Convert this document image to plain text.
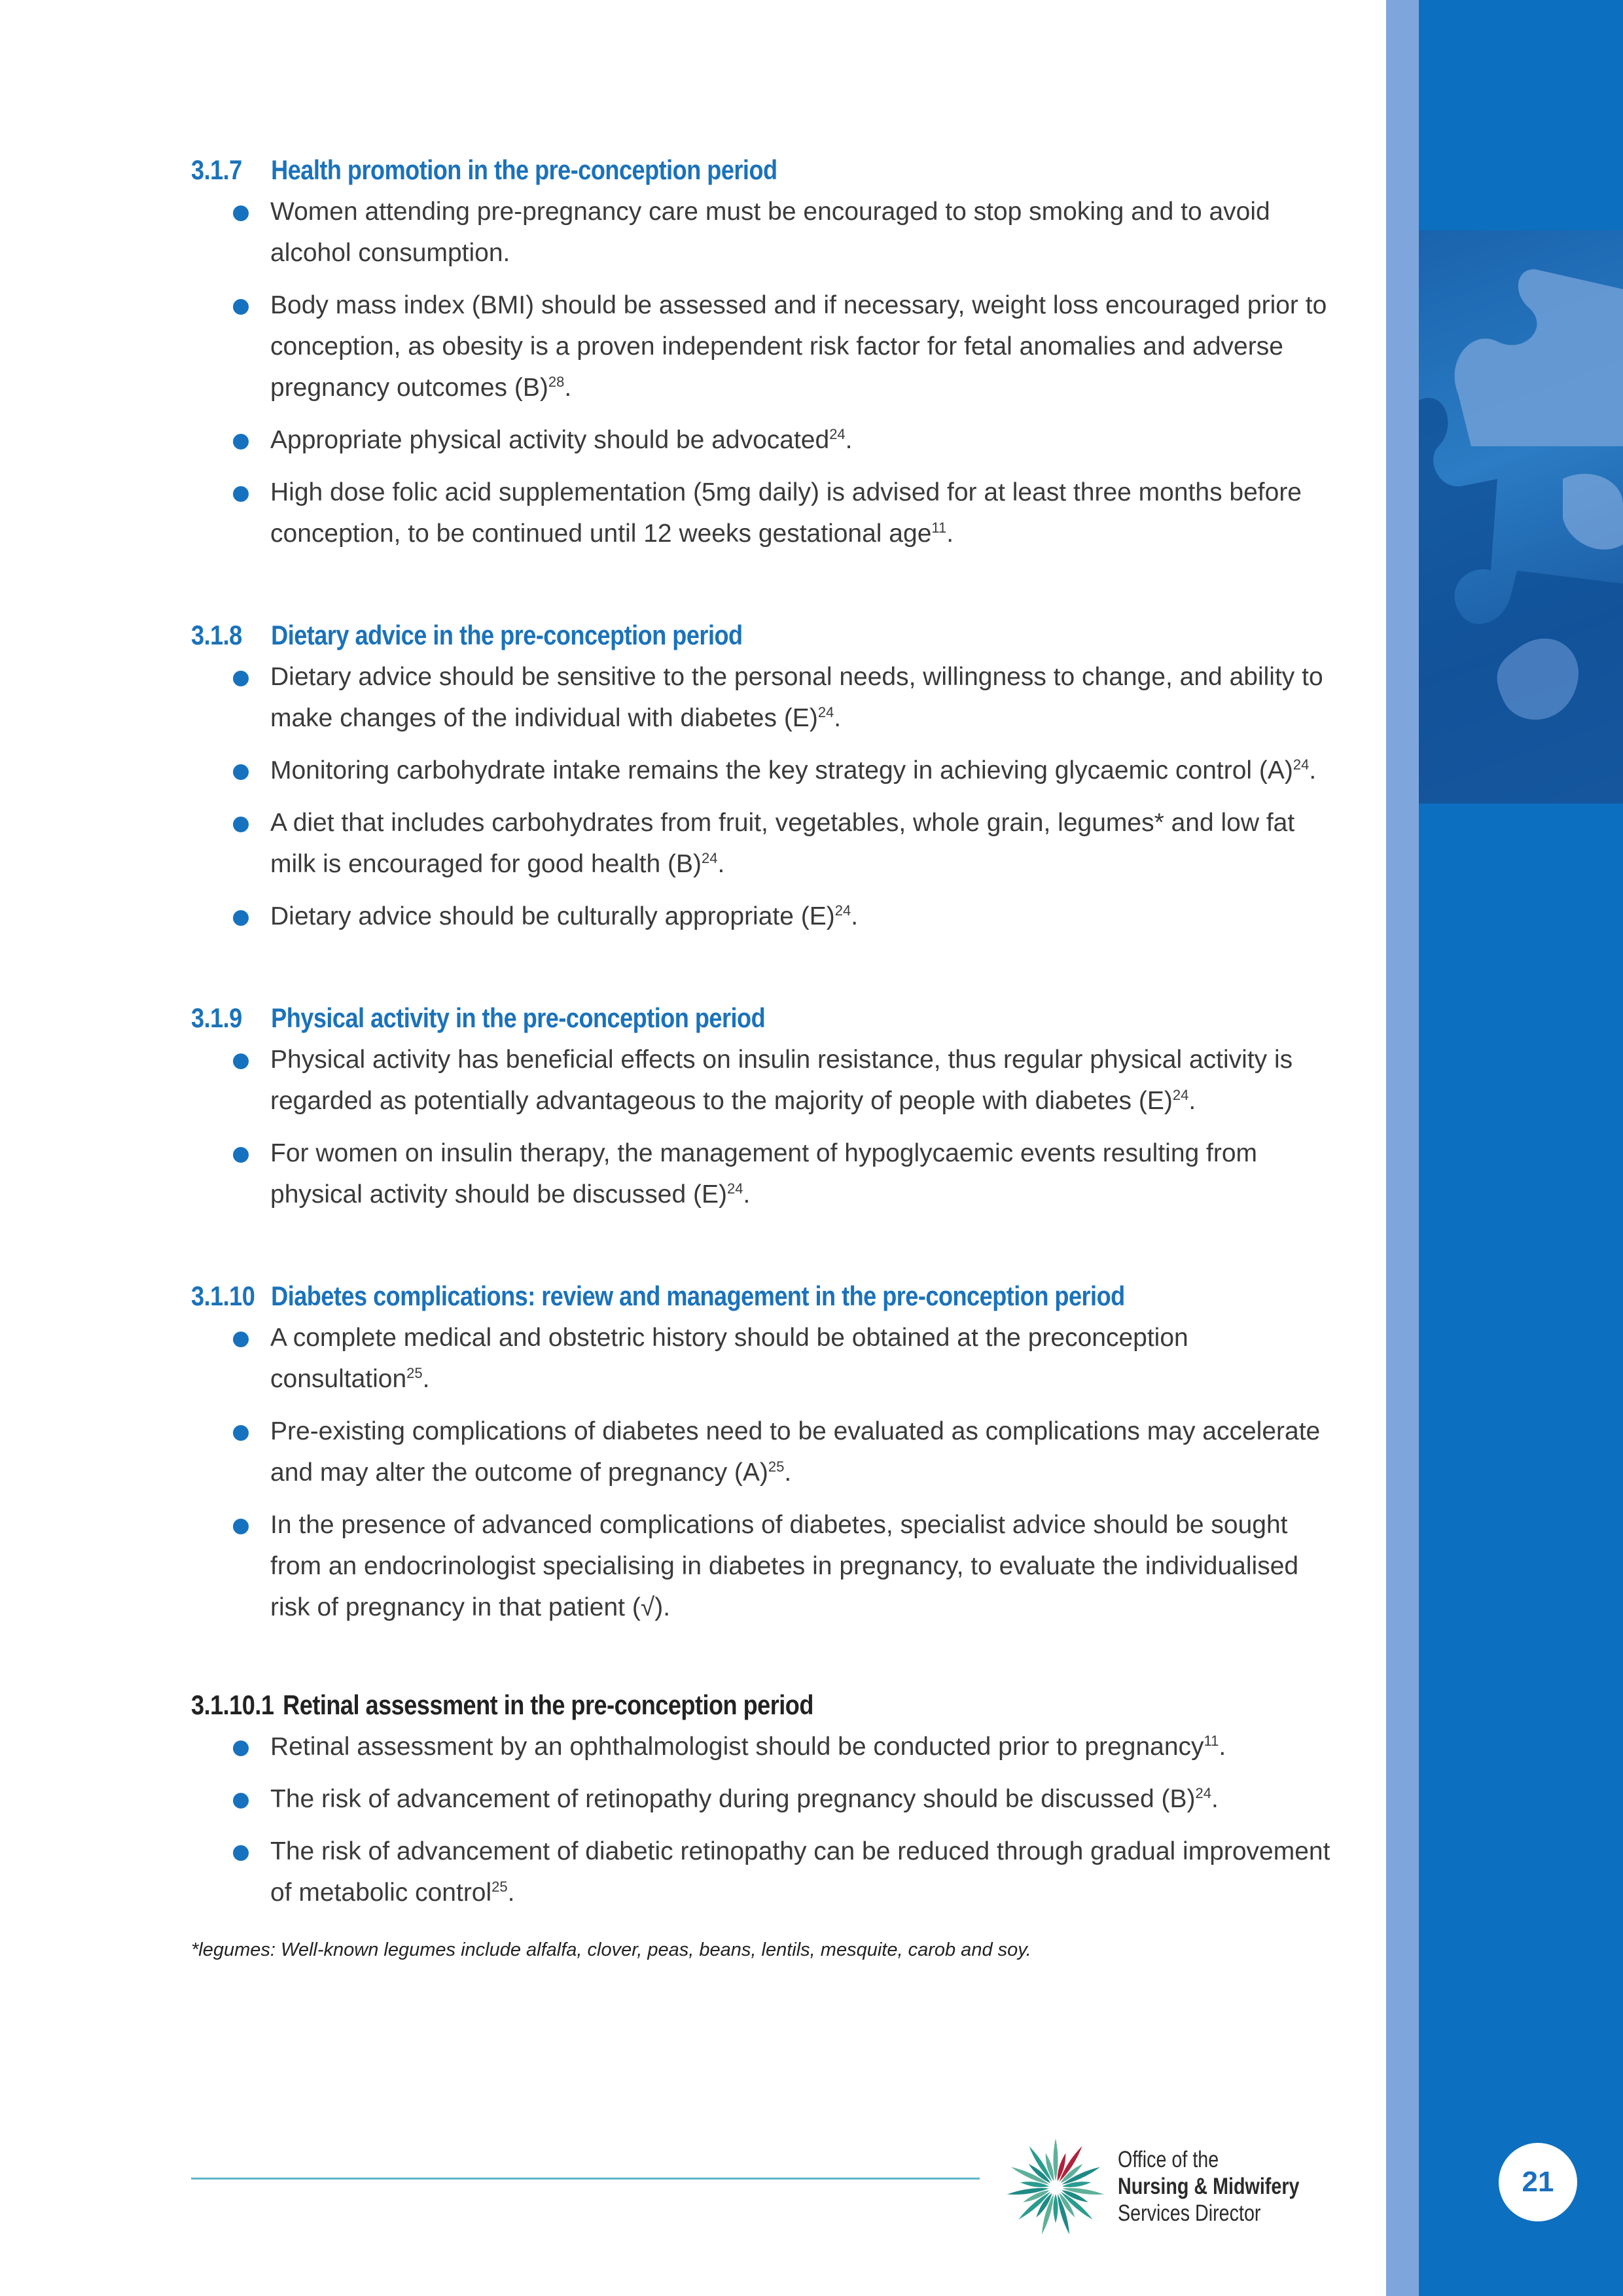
3.1.7	Health promotion in the pre-conception period
Women attending pre-pregnancy care must be encouraged to stop smoking and to avoid alcohol consumption.
Body mass index (BMI) should be assessed and if necessary, weight loss encouraged prior to conception, as obesity is a proven independent risk factor for fetal anomalies and adverse pregnancy outcomes $(B)^{28}$.
Appropriate physical activity should be advocated$^{24}$.
High dose folic acid supplementation (5mg daily) is advised for at least three months before conception, to be continued until 12 weeks gestational age$^{11}$.
3.1.8	Dietary advice in the pre-conception period
Dietary advice should be sensitive to the personal needs, willingness to change, and ability to make changes of the individual with diabetes $(E)^{24}$.
Monitoring carbohydrate intake remains the key strategy in achieving glycaemic control $(A)^{24}$.
A diet that includes carbohydrates from fruit, vegetables, whole grain, legumes* and low fat milk is encouraged for good health $(B)^{24}$.
Dietary advice should be culturally appropriate $(E)^{24}$.
3.1.9	Physical activity in the pre-conception period
Physical activity has beneficial effects on insulin resistance, thus regular physical activity is regarded as potentially advantageous to the majority of people with diabetes $(E)^{24}$.
For women on insulin therapy, the management of hypoglycaemic events resulting from physical activity should be discussed $(E)^{24}$.
3.1.10 Diabetes complications: review and management in the pre-conception period
A complete medical and obstetric history should be obtained at the preconception consultation$^{25}$.
Pre-existing complications of diabetes need to be evaluated as complications may accelerate and may alter the outcome of pregnancy $(A)^{25}$.
In the presence of advanced complications of diabetes, specialist advice should be sought from an endocrinologist specialising in diabetes in pregnancy, to evaluate the individualised risk of pregnancy in that patient (√).
3.1.10.1 Retinal assessment in the pre-conception period
Retinal assessment by an ophthalmologist should be conducted prior to pregnancy$^{11}$.
The risk of advancement of retinopathy during pregnancy should be discussed $(B)^{24}$.
The risk of advancement of diabetic retinopathy can be reduced through gradual improvement of metabolic control$^{25}$.
*legumes: Well-known legumes include alfalfa, clover, peas, beans, lentils, mesquite, carob and soy.
Office of the
Nursing & Midwifery
Services Director
21
